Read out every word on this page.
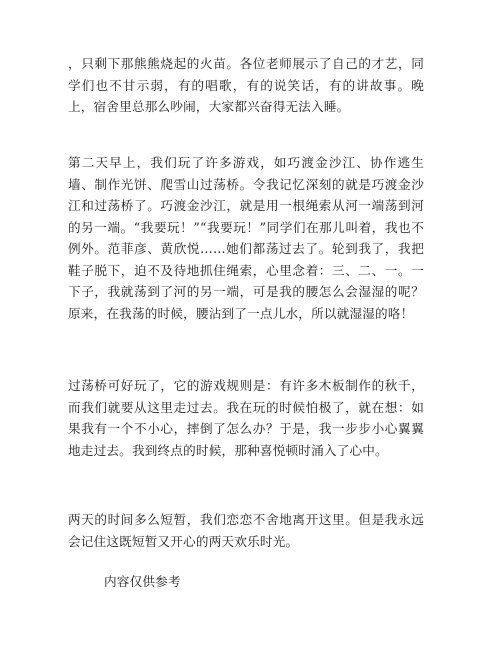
，只剩下那熊熊烧起的火苗。各位老师展示了自己的才艺，同学们也不甘示弱，有的唱歌，有的说笑话，有的讲故事。晚上，宿舍里总那么吵闹，大家都兴奋得无法入睡。

第二天早上，我们玩了许多游戏，如巧渡金沙江、协作逃生墙、制作光饼、爬雪山过荡桥。令我记忆深刻的就是巧渡金沙江和过荡桥了。巧渡金沙江，就是用一根绳索从河一端荡到河的另一端。“我要玩！”“我要玩！”同学们在那儿叫着，我也不例外。范菲彦、黄欣悦……她们都荡过去了。轮到我了，我把鞋子脱下，迫不及待地抓住绳索，心里念着：三、二、一。一下子，我就荡到了河的另一端，可是我的腰怎么会湿湿的呢？原来，在我荡的时候，腰沾到了一点儿水，所以就湿湿的咯！

过荡桥可好玩了，它的游戏规则是：有许多木板制作的秋千，而我们就要从这里走过去。我在玩的时候怕极了，就在想：如果我有一个不小心，摔倒了怎么办？于是，我一步步小心翼翼地走过去。我到终点的时候，那种喜悦顿时涌入了心中。

两天的时间多么短暂，我们恋恋不舍地离开这里。但是我永远会记住这既短暂又开心的两天欢乐时光。

内容仅供参考
